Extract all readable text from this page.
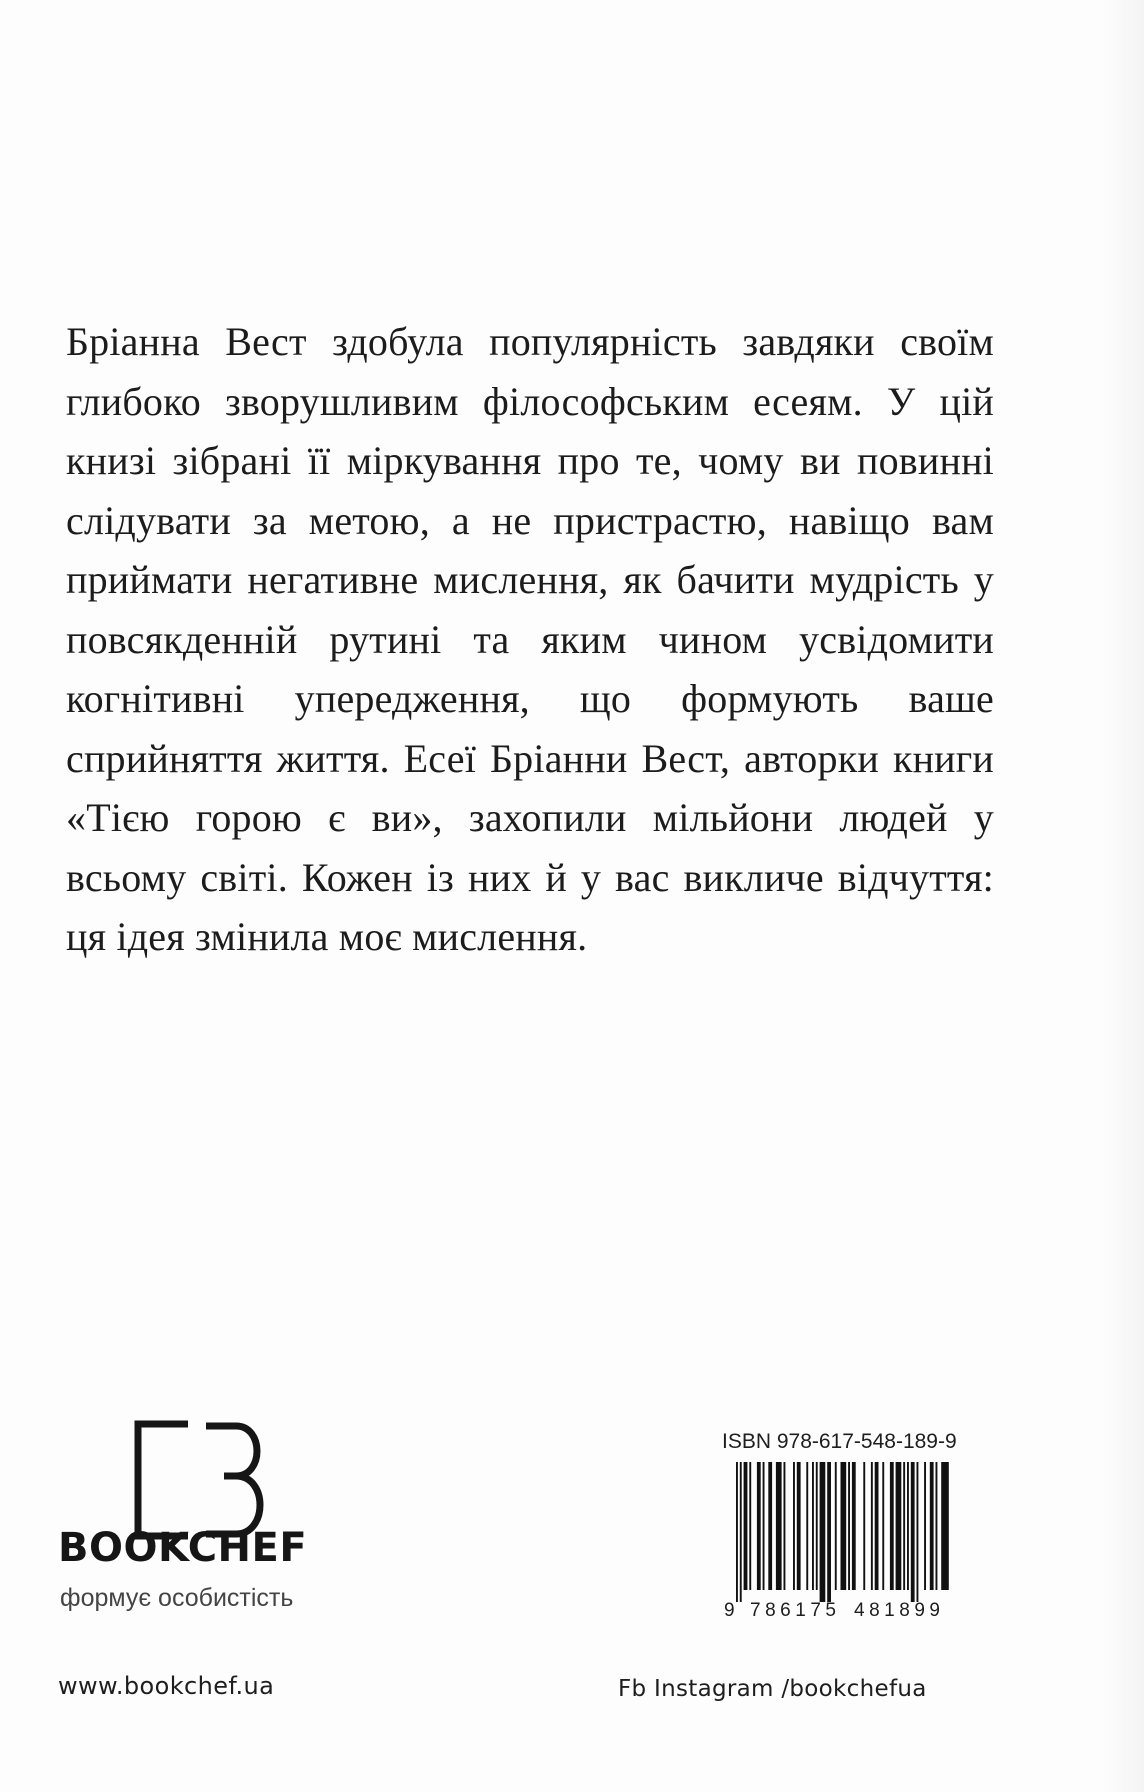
Бріанна Вест здобула популярність завдяки своїм глибоко зворушливим філософським есеям. У цій книзі зібрані її міркування про те, чому ви повинні слідувати за метою, а не пристрастю, навіщо вам приймати негативне мислення, як бачити мудрість у повсякденній рутині та яким чином усвідомити когнітивні упередження, що формують ваше сприйняття життя. Есеї Бріанни Вест, авторки книги «Тією горою є ви», захопили мільйони людей у всьому світі. Кожен із них й у вас викличе відчуття: ця ідея змінила моє мислення.

BOOKCHEF
формує особистість
www.bookchef.ua
ISBN 978-617-548-189-9
9 786175 481899
Fb Instagram /bookchefua
